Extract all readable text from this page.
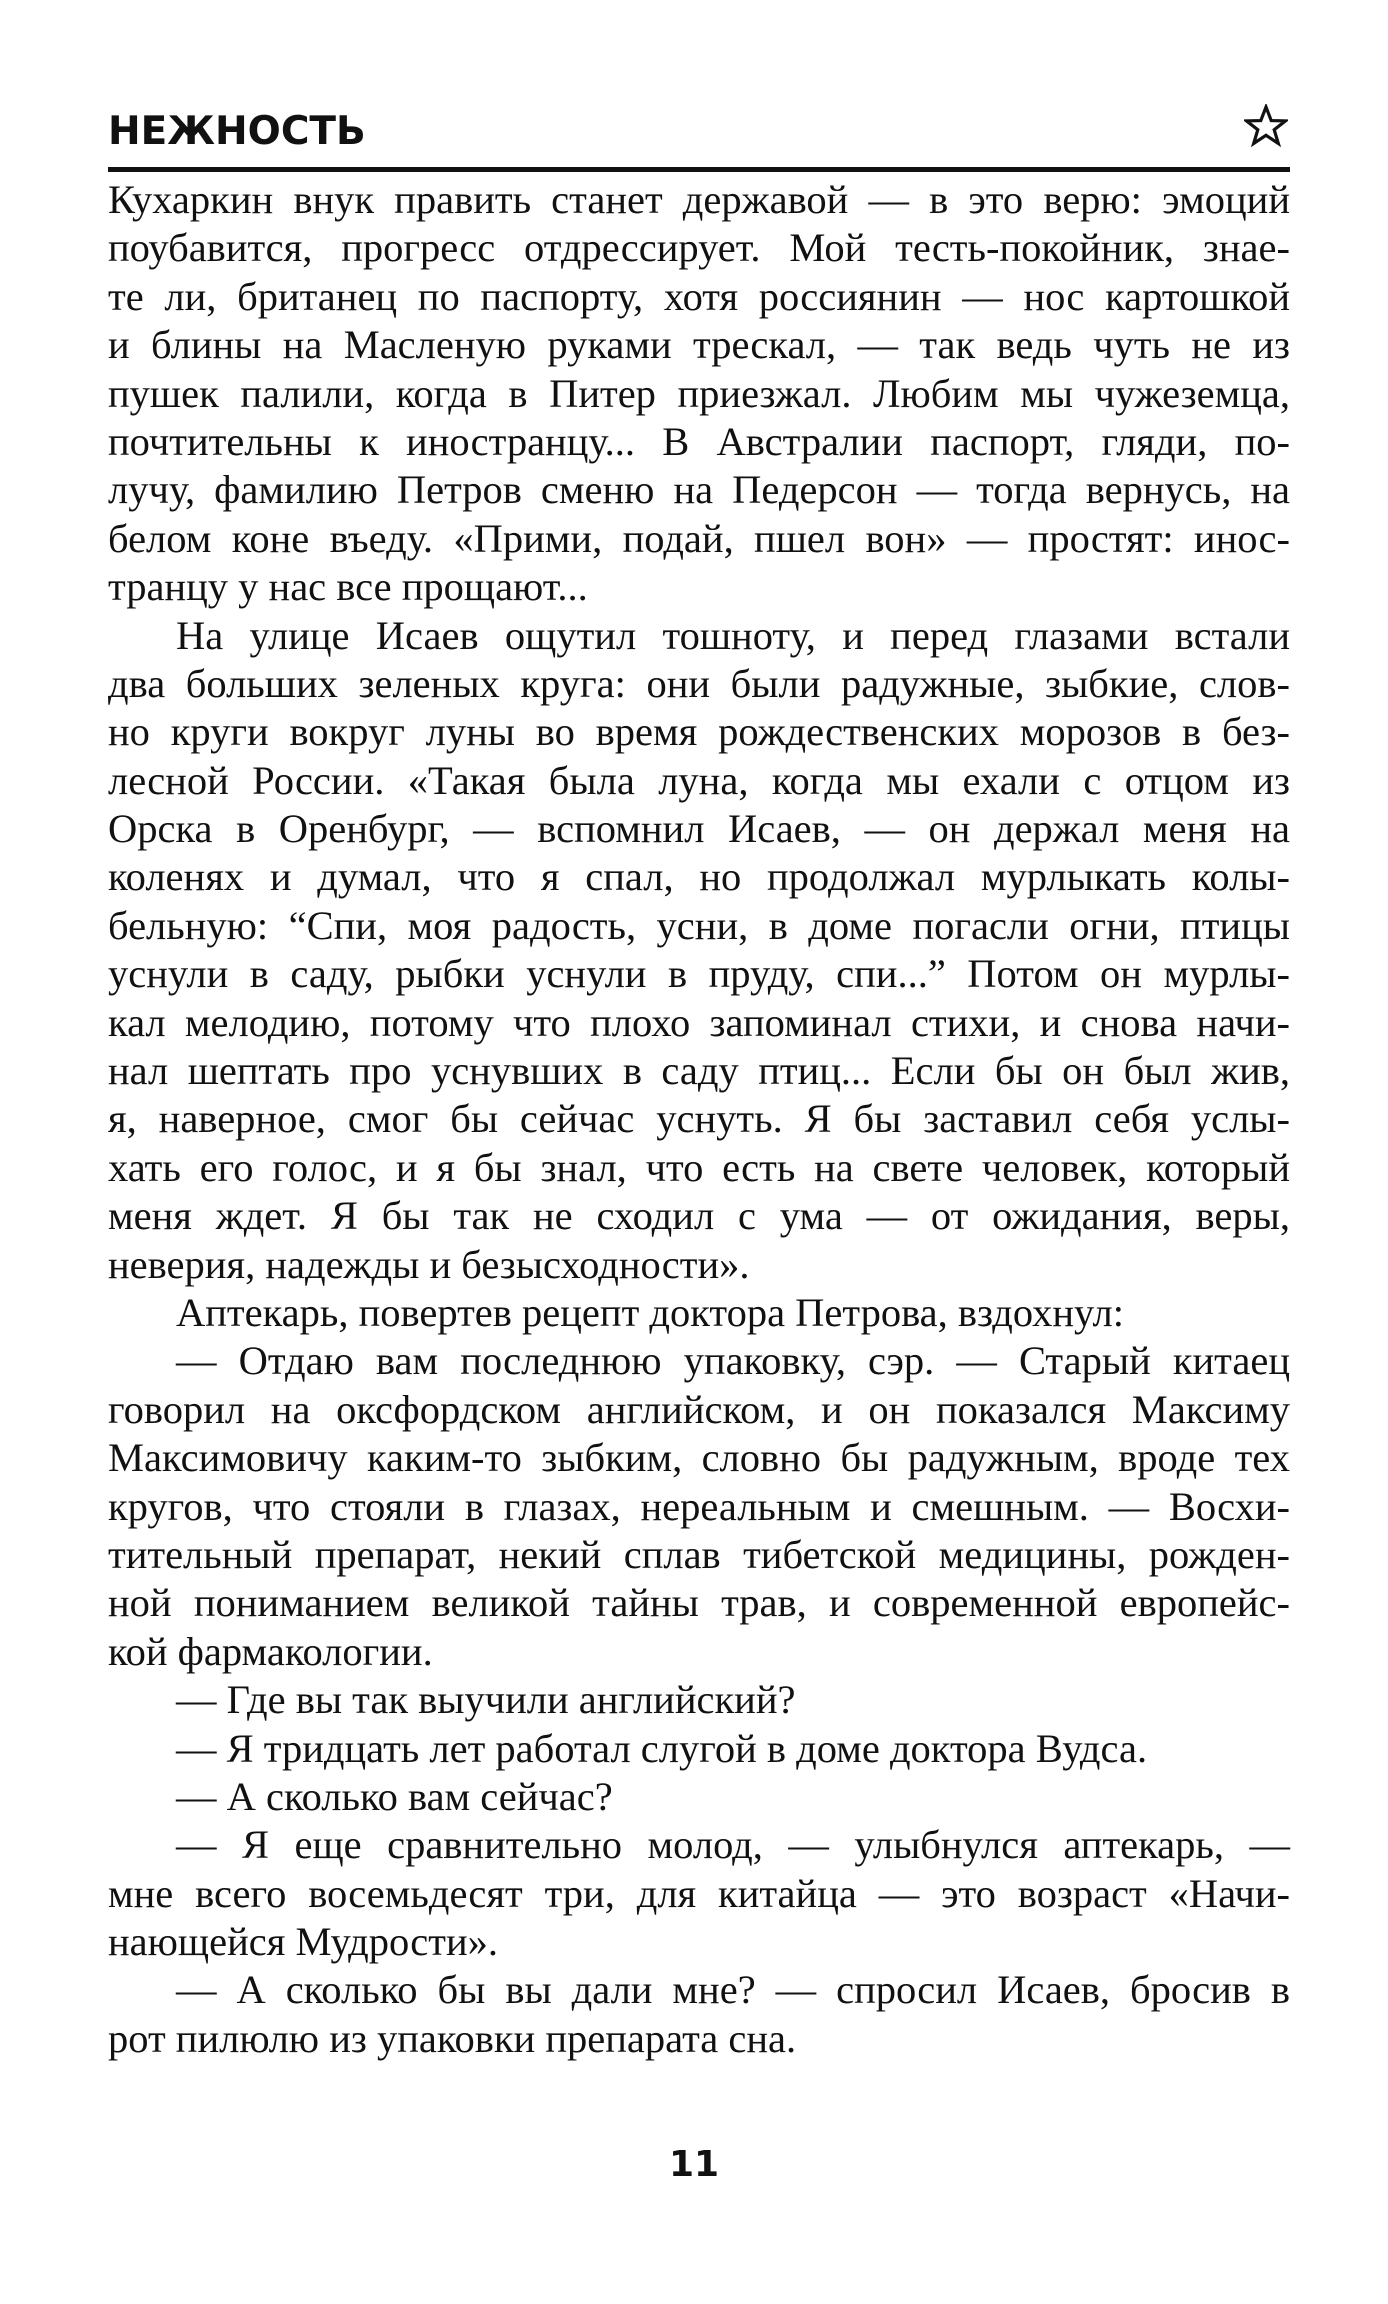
НЕЖНОСТЬ
Кухаркин внук править станет державой — в это верю: эмоций
поубавится, прогресс отдрессирует. Мой тесть-покойник, знае-
те ли, британец по паспорту, хотя россиянин — нос картошкой
и блины на Масленую руками трескал, — так ведь чуть не из
пушек палили, когда в Питер приезжал. Любим мы чужеземца,
почтительны к иностранцу... В Австралии паспорт, гляди, по-
лучу, фамилию Петров сменю на Педерсон — тогда вернусь, на
белом коне въеду. «Прими, подай, пшел вон» — простят: инос-
транцу у нас все прощают...
На улице Исаев ощутил тошноту, и перед глазами встали
два больших зеленых круга: они были радужные, зыбкие, слов-
но круги вокруг луны во время рождественских морозов в без-
лесной России. «Такая была луна, когда мы ехали с отцом из
Орска в Оренбург, — вспомнил Исаев, — он держал меня на
коленях и думал, что я спал, но продолжал мурлыкать колы-
бельную: “Спи, моя радость, усни, в доме погасли огни, птицы
уснули в саду, рыбки уснули в пруду, спи...” Потом он мурлы-
кал мелодию, потому что плохо запоминал стихи, и снова начи-
нал шептать про уснувших в саду птиц... Если бы он был жив,
я, наверное, смог бы сейчас уснуть. Я бы заставил себя услы-
хать его голос, и я бы знал, что есть на свете человек, который
меня ждет. Я бы так не сходил с ума — от ожидания, веры,
неверия, надежды и безысходности».
Аптекарь, повертев рецепт доктора Петрова, вздохнул:
— Отдаю вам последнюю упаковку, сэр. — Старый китаец
говорил на оксфордском английском, и он показался Максиму
Максимовичу каким-то зыбким, словно бы радужным, вроде тех
кругов, что стояли в глазах, нереальным и смешным. — Восхи-
тительный препарат, некий сплав тибетской медицины, рожден-
ной пониманием великой тайны трав, и современной европейс-
кой фармакологии.
— Где вы так выучили английский?
— Я тридцать лет работал слугой в доме доктора Вудса.
— А сколько вам сейчас?
— Я еще сравнительно молод, — улыбнулся аптекарь, —
мне всего восемьдесят три, для китайца — это возраст «Начи-
нающейся Мудрости».
— А сколько бы вы дали мне? — спросил Исаев, бросив в
рот пилюлю из упаковки препарата сна.
11
